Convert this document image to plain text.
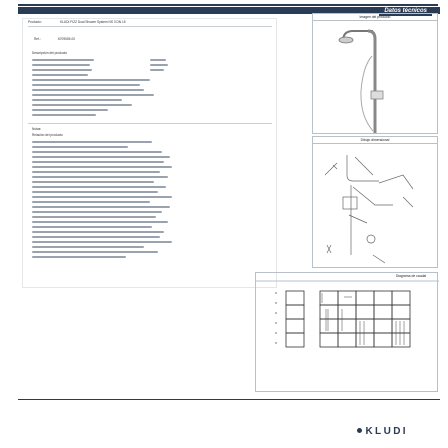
Datos técnicos
Producto:	KLUDI FIZZ Dual Shower System NS 3 DN 15
Ref.:	6709505-00
Descripción del producto
Notas:
Relación del producto
Imagen del producto
Dibujo dimensional
Diagrama de caudal
KLUDI
